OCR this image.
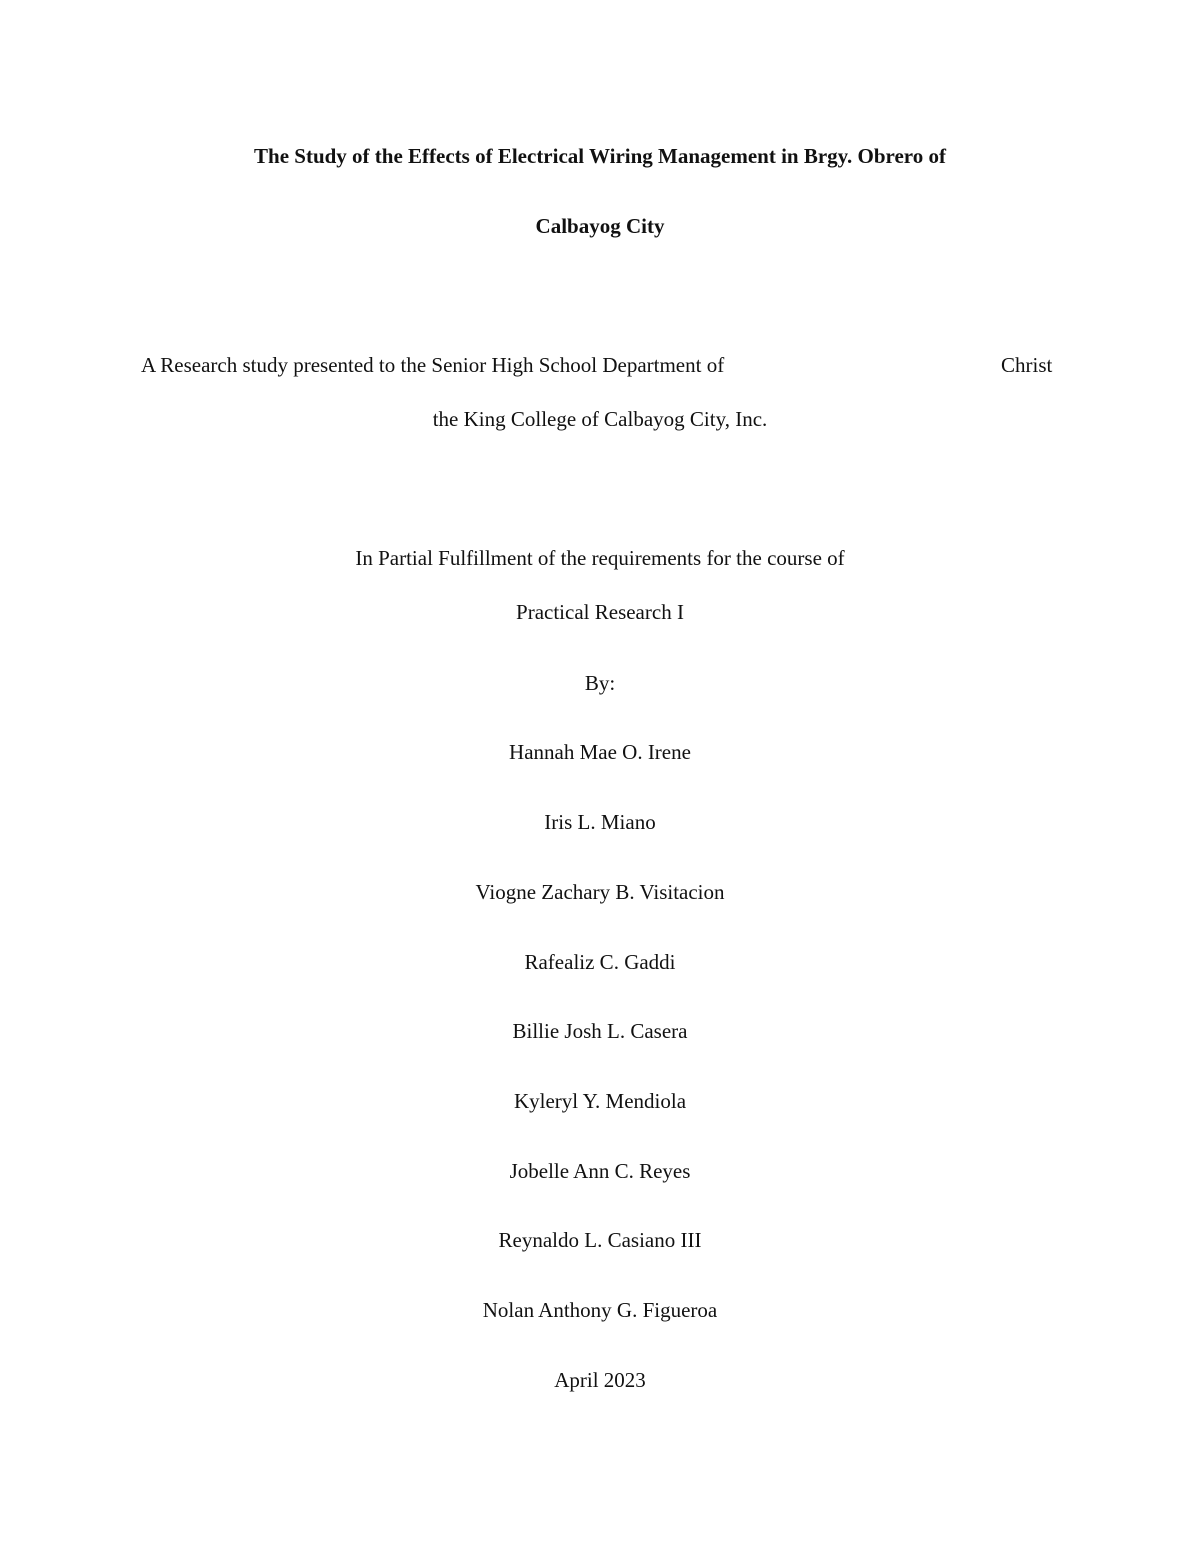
The Study of the Effects of Electrical Wiring Management in Brgy. Obrero of
Calbayog City
A Research study presented to the Senior High School Department of	Christ
the King College of Calbayog City, Inc.
In Partial Fulfillment of the requirements for the course of
Practical Research I
By:
Hannah Mae O. Irene
Iris L. Miano
Viogne Zachary B. Visitacion
Rafealiz C. Gaddi
Billie Josh L. Casera
Kyleryl Y. Mendiola
Jobelle Ann C. Reyes
Reynaldo L. Casiano III
Nolan Anthony G. Figueroa
April 2023
